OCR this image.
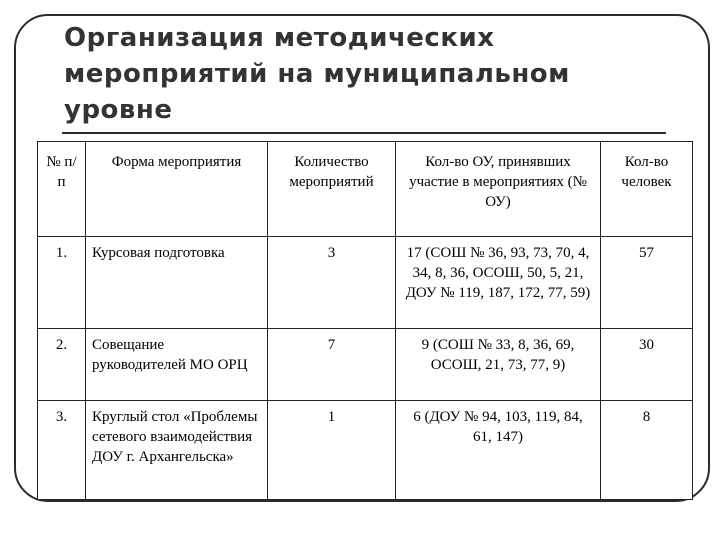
Организация методических мероприятий на муниципальном уровне
№ п/п	Форма мероприятия	Количество мероприятий	Кол-во ОУ, принявших участие в мероприятиях (№ ОУ)	Кол-во человек
1.	Курсовая подготовка	3	17 (СОШ № 36, 93, 73, 70, 4, 34, 8, 36, ОСОШ, 50, 5, 21, ДОУ № 119, 187, 172, 77, 59)	57
2.	Совещание руководителей МО ОРЦ	7	9 (СОШ № 33, 8, 36, 69, ОСОШ, 21, 73, 77, 9)	30
3.	Круглый стол «Проблемы сетевого взаимодействия ДОУ г. Архангельска»	1	6 (ДОУ № 94, 103, 119, 84, 61, 147)	8
